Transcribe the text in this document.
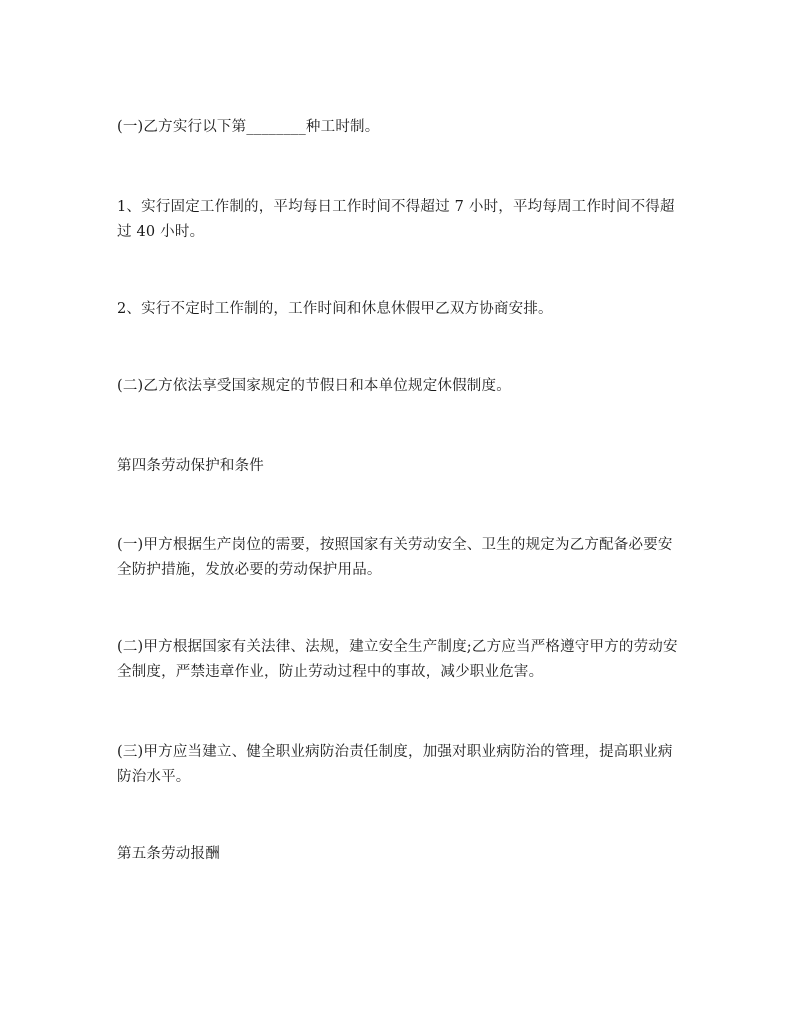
(一)乙方实行以下第________种工时制。

1、实行固定工作制的，平均每日工作时间不得超过 7 小时，平均每周工作时间不得超过 40 小时。

2、实行不定时工作制的，工作时间和休息休假甲乙双方协商安排。

(二)乙方依法享受国家规定的节假日和本单位规定休假制度。

第四条劳动保护和条件

(一)甲方根据生产岗位的需要，按照国家有关劳动安全、卫生的规定为乙方配备必要安全防护措施，发放必要的劳动保护用品。

(二)甲方根据国家有关法律、法规，建立安全生产制度;乙方应当严格遵守甲方的劳动安全制度，严禁违章作业，防止劳动过程中的事故，减少职业危害。

(三)甲方应当建立、健全职业病防治责任制度，加强对职业病防治的管理，提高职业病防治水平。

第五条劳动报酬
